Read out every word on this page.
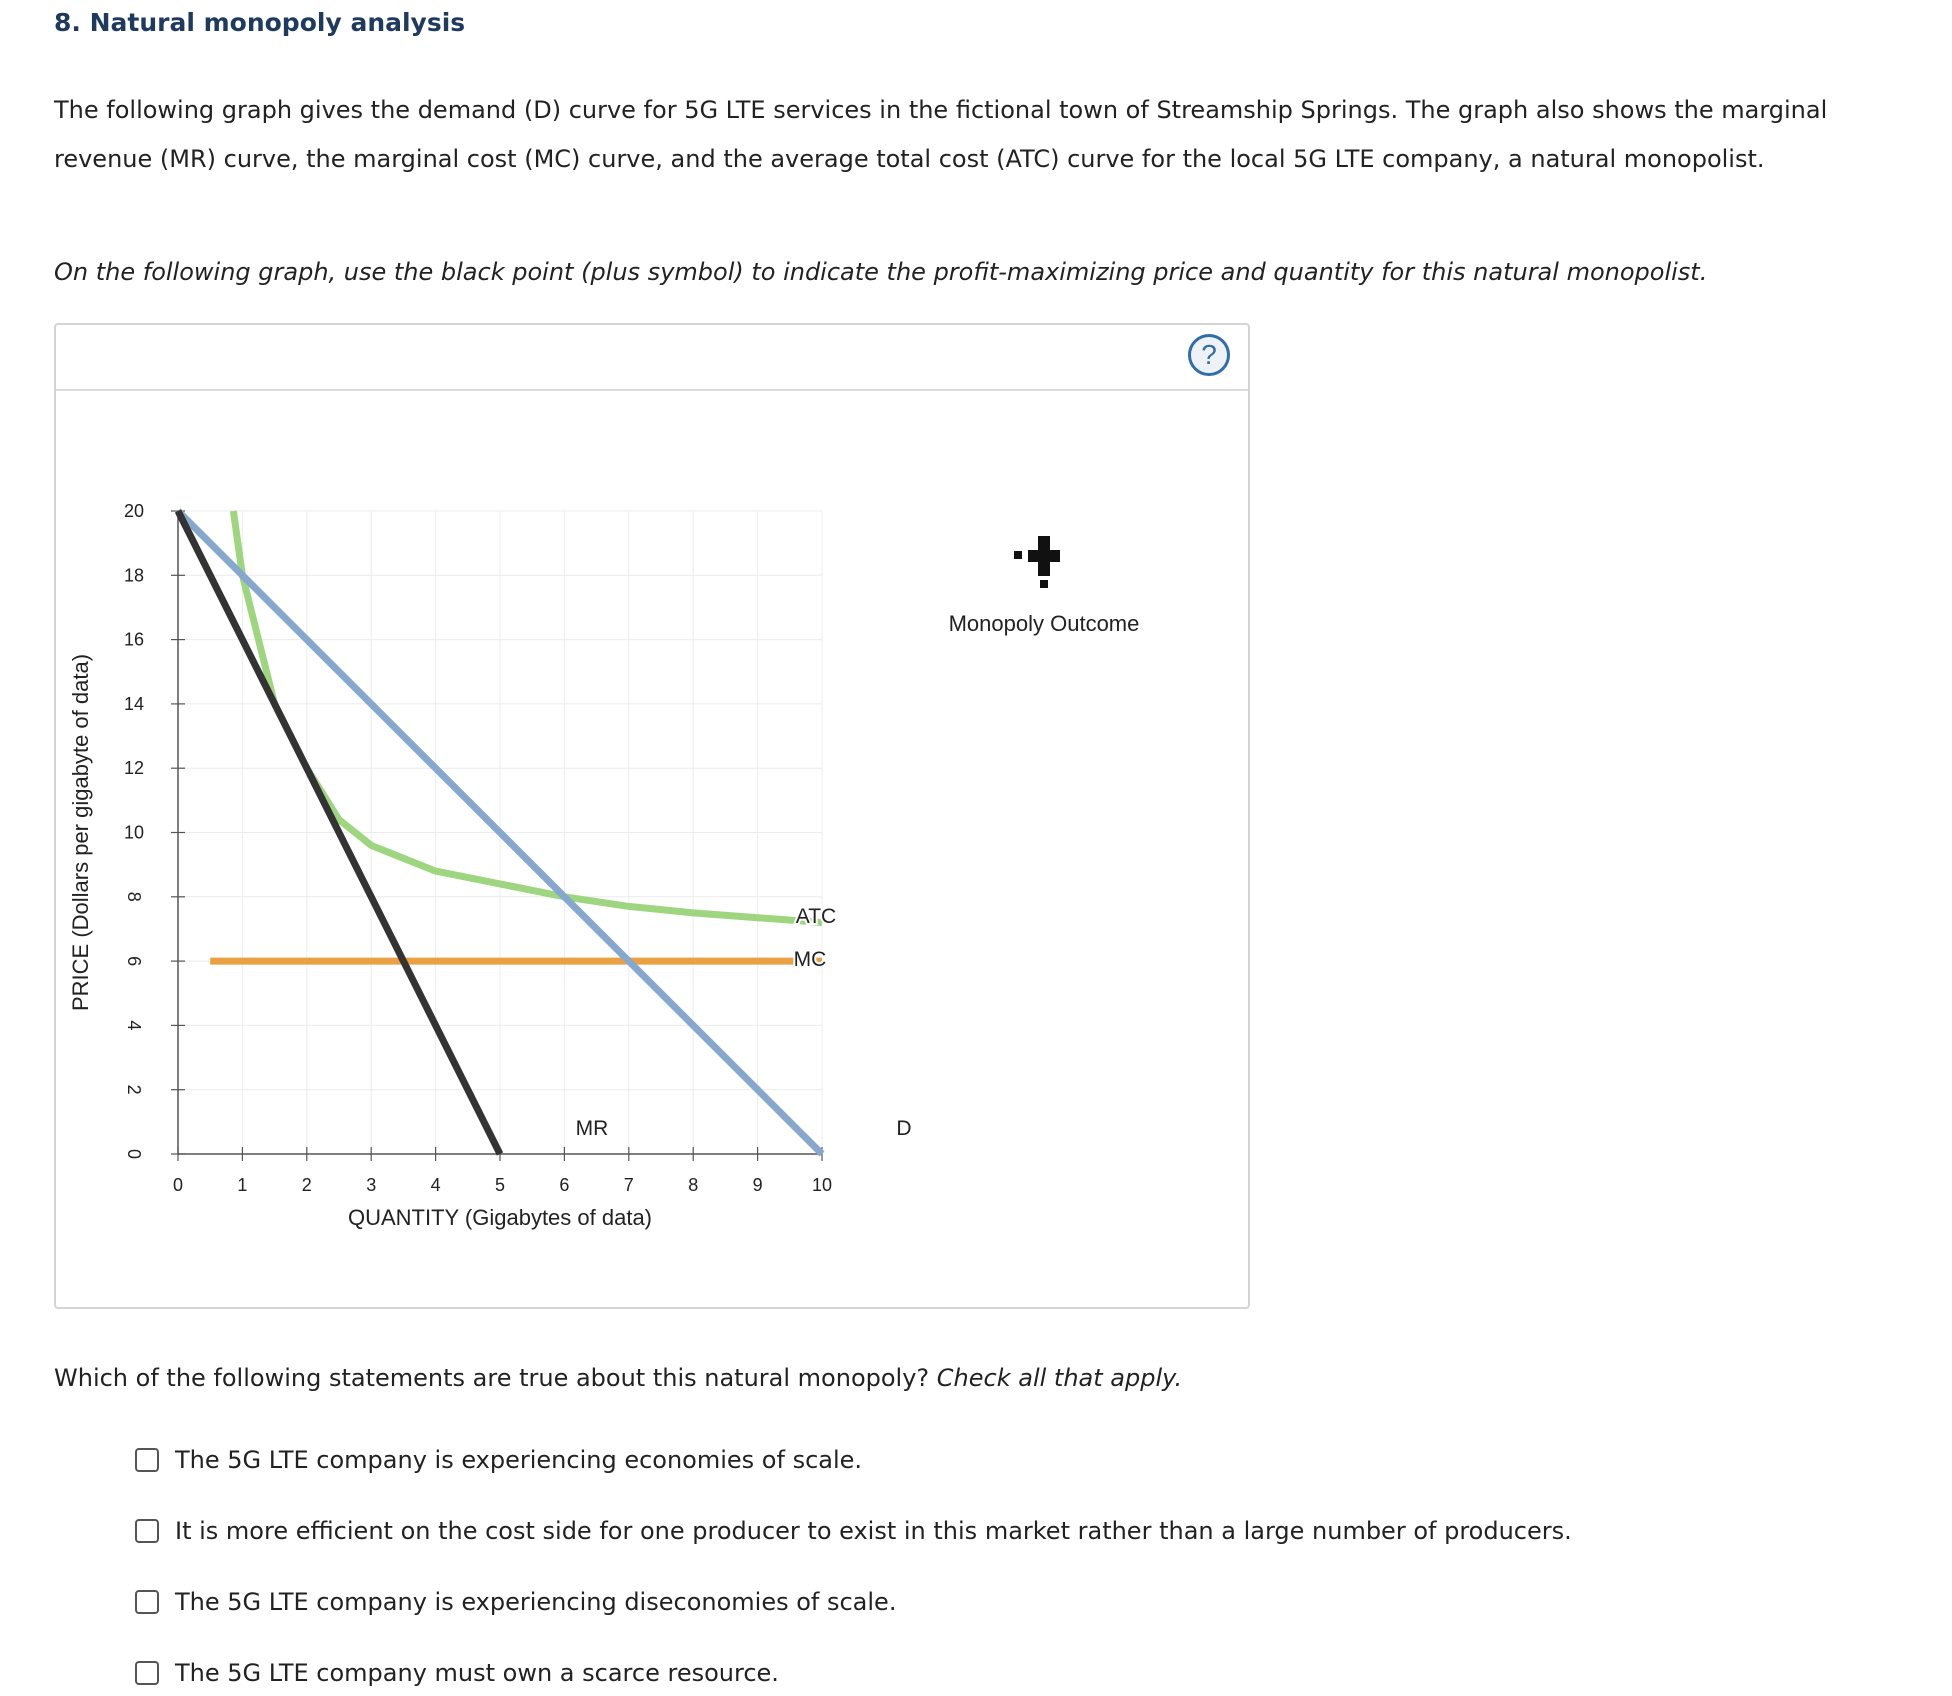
8. Natural monopoly analysis
The following graph gives the demand (D) curve for 5G LTE services in the fictional town of Streamship Springs. The graph also shows the marginal revenue (MR) curve, the marginal cost (MC) curve, and the average total cost (ATC) curve for the local 5G LTE company, a natural monopolist.
On the following graph, use the black point (plus symbol) to indicate the profit-maximizing price and quantity for this natural monopolist.
?
0	1	2	3	4	5	6	7	8	9	10
0
2
4
6
8
10
12
14
16
18
20
QUANTITY (Gigabytes of data)
PRICE (Dollars per gigabyte of data)
D
MR
MC
ATC
Monopoly Outcome
Which of the following statements are true about this natural monopoly? Check all that apply.
The 5G LTE company is experiencing economies of scale.
It is more efficient on the cost side for one producer to exist in this market rather than a large number of producers.
The 5G LTE company is experiencing diseconomies of scale.
The 5G LTE company must own a scarce resource.
